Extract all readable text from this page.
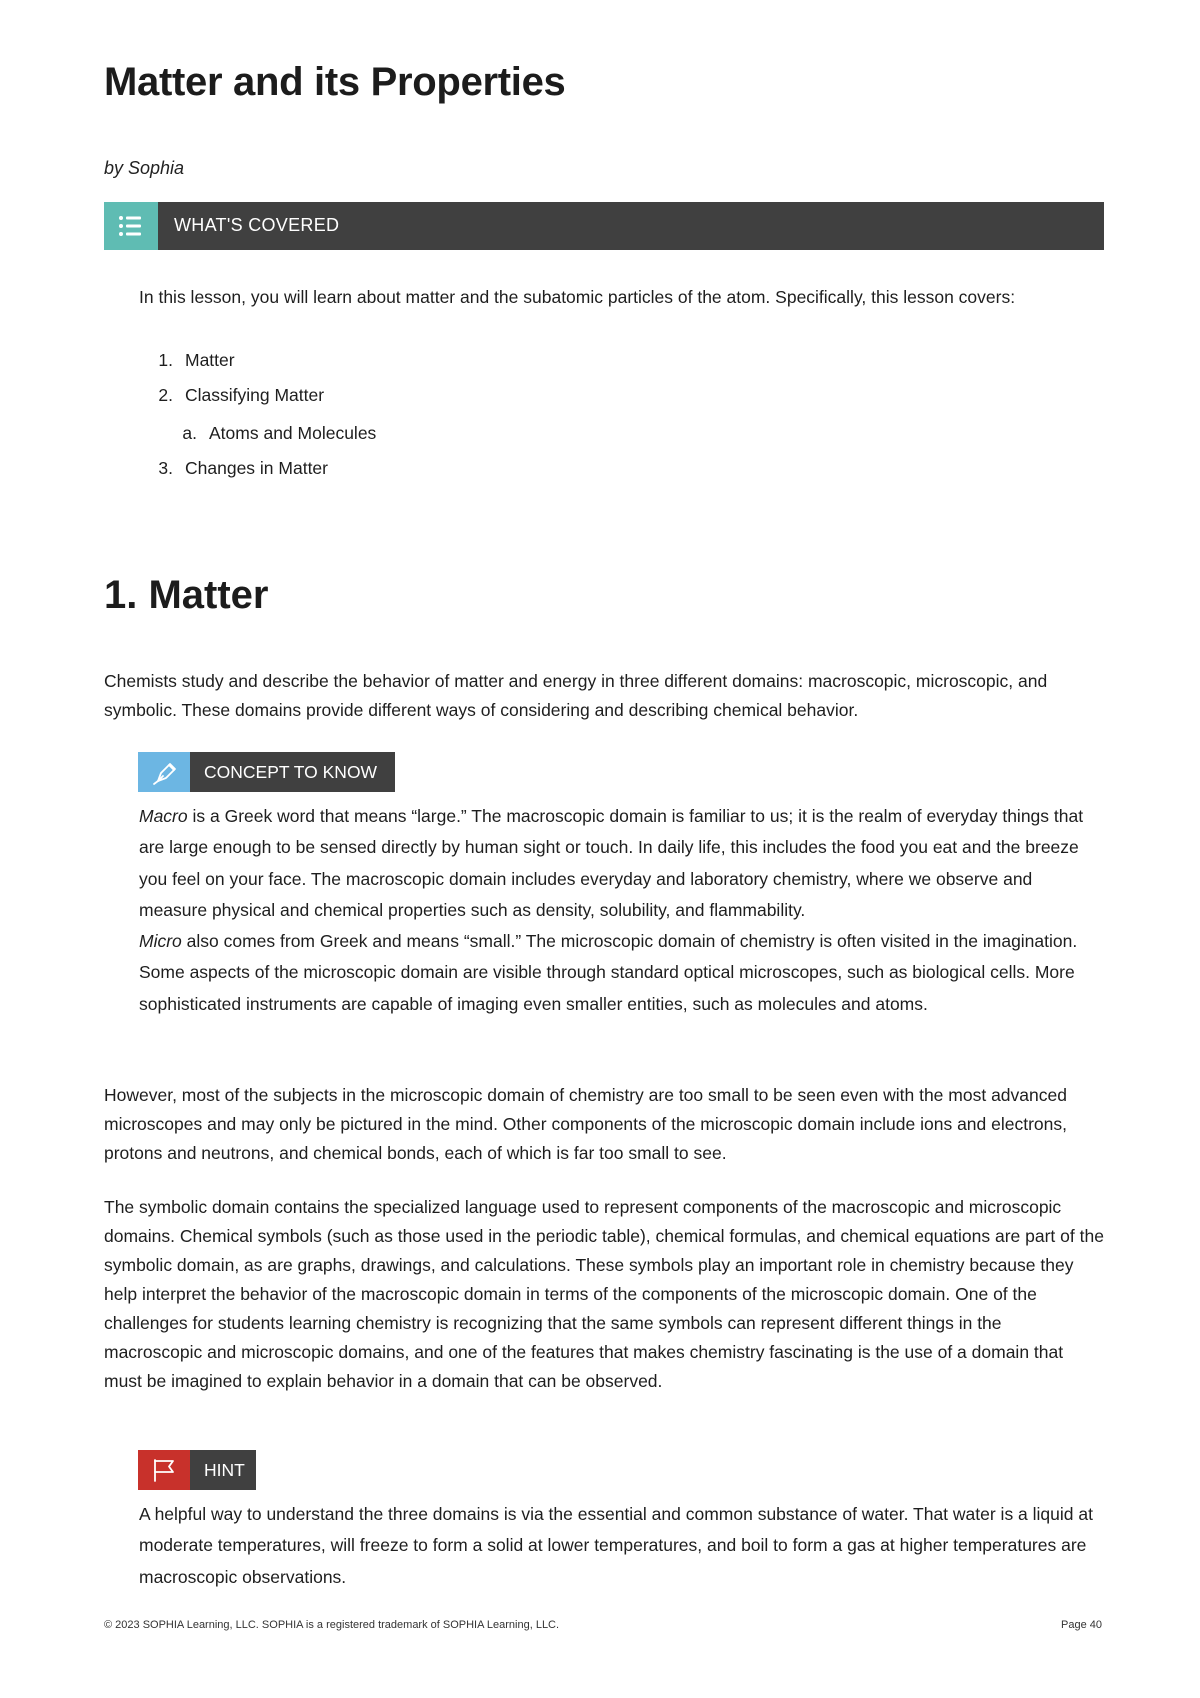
Matter and its Properties
by Sophia
WHAT'S COVERED

In this lesson, you will learn about matter and the subatomic particles of the atom. Specifically, this lesson covers:

1. Matter
2. Classifying Matter
a. Atoms and Molecules
3. Changes in Matter
1. Matter

Chemists study and describe the behavior of matter and energy in three different domains: macroscopic, microscopic, and symbolic. These domains provide different ways of considering and describing chemical behavior.

CONCEPT TO KNOW

Macro is a Greek word that means “large.” The macroscopic domain is familiar to us; it is the realm of everyday things that are large enough to be sensed directly by human sight or touch. In daily life, this includes the food you eat and the breeze you feel on your face. The macroscopic domain includes everyday and laboratory chemistry, where we observe and measure physical and chemical properties such as density, solubility, and flammability.

Micro also comes from Greek and means “small.” The microscopic domain of chemistry is often visited in the imagination. Some aspects of the microscopic domain are visible through standard optical microscopes, such as biological cells. More sophisticated instruments are capable of imaging even smaller entities, such as molecules and atoms.

However, most of the subjects in the microscopic domain of chemistry are too small to be seen even with the most advanced microscopes and may only be pictured in the mind. Other components of the microscopic domain include ions and electrons, protons and neutrons, and chemical bonds, each of which is far too small to see.

The symbolic domain contains the specialized language used to represent components of the macroscopic and microscopic domains. Chemical symbols (such as those used in the periodic table), chemical formulas, and chemical equations are part of the symbolic domain, as are graphs, drawings, and calculations. These symbols play an important role in chemistry because they help interpret the behavior of the macroscopic domain in terms of the components of the microscopic domain. One of the challenges for students learning chemistry is recognizing that the same symbols can represent different things in the macroscopic and microscopic domains, and one of the features that makes chemistry fascinating is the use of a domain that must be imagined to explain behavior in a domain that can be observed.

HINT

A helpful way to understand the three domains is via the essential and common substance of water. That water is a liquid at moderate temperatures, will freeze to form a solid at lower temperatures, and boil to form a gas at higher temperatures are macroscopic observations.

© 2023 SOPHIA Learning, LLC. SOPHIA is a registered trademark of SOPHIA Learning, LLC.	Page 40
